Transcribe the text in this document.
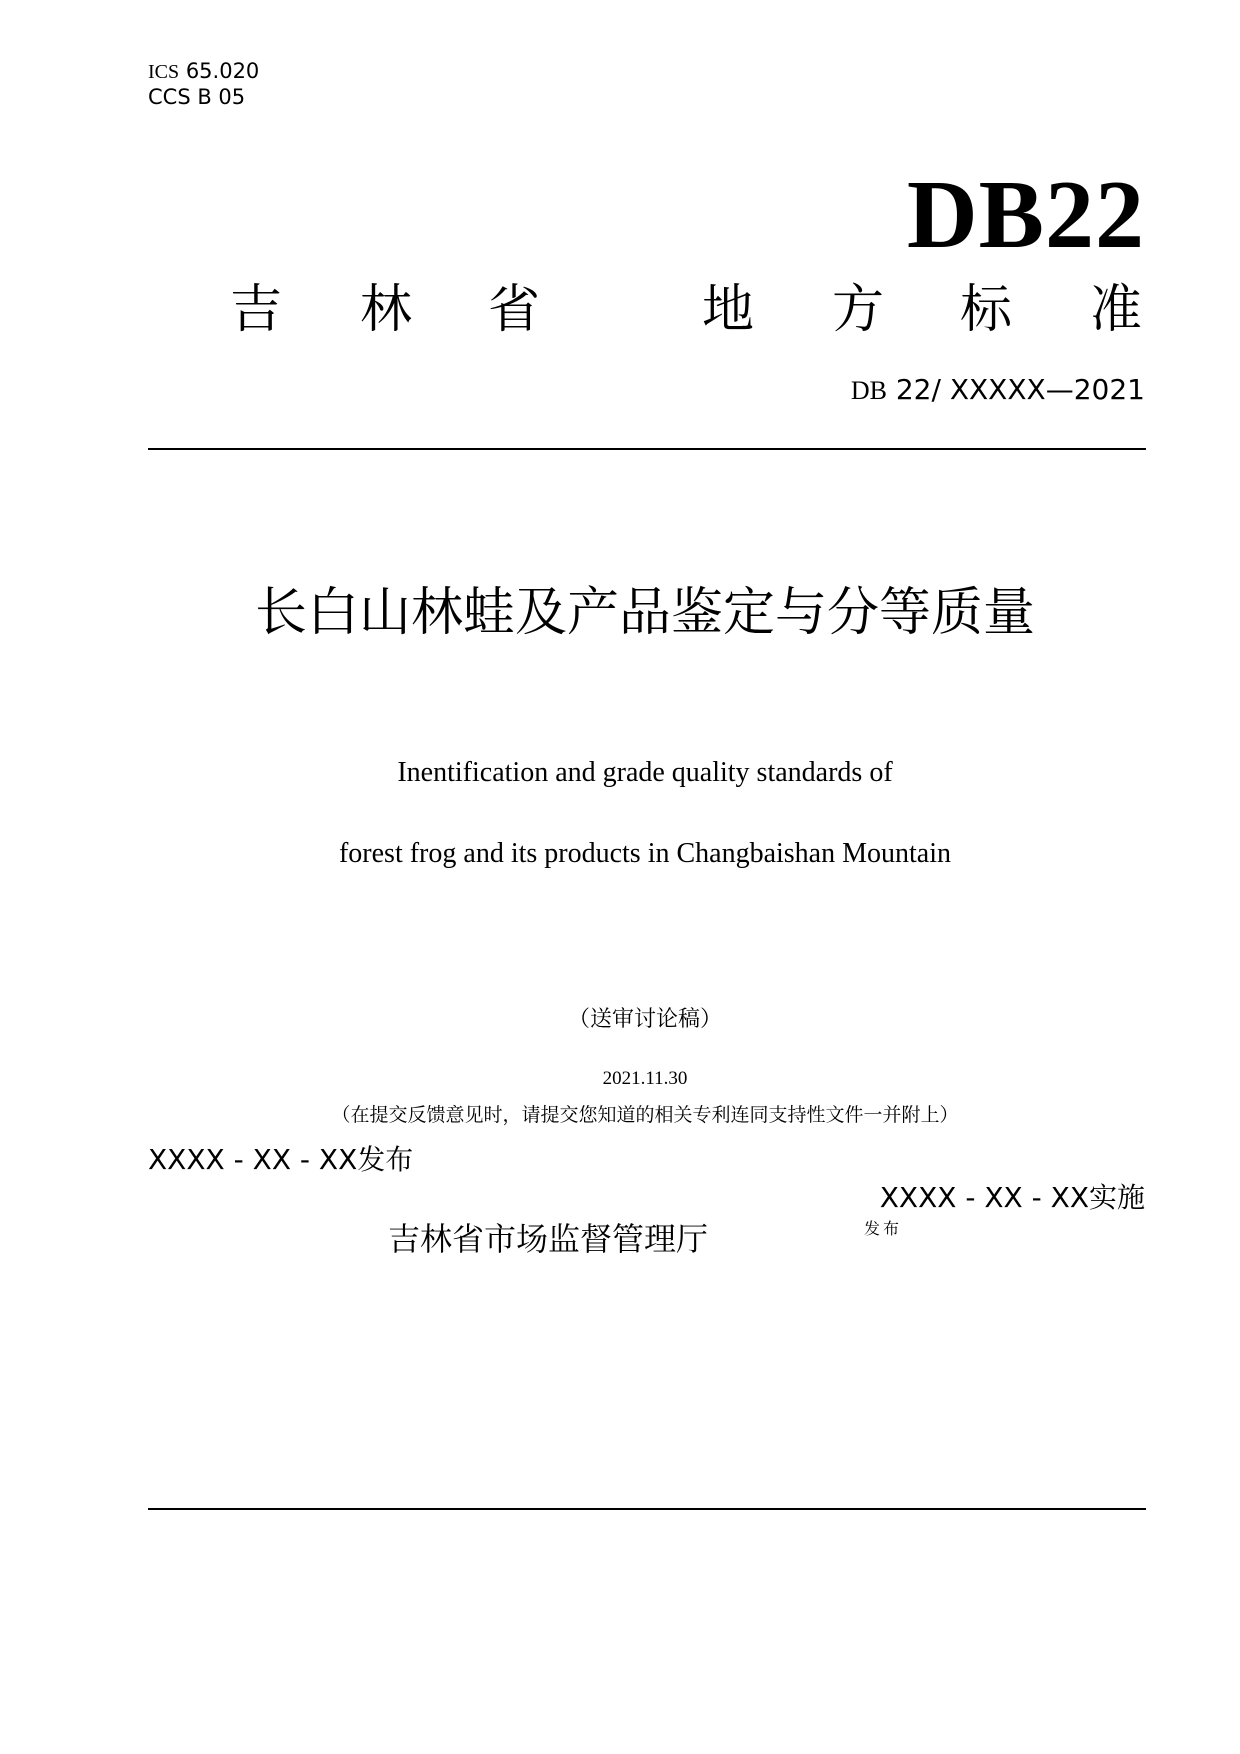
ICS 65.020
CCS B 05
DB22
吉 林 省	地 方 标 准
DB 22/ XXXXX—2021
长白山林蛙及产品鉴定与分等质量
Inentification and grade quality standards of
forest frog and its products in Changbaishan Mountain
（送审讨论稿）
2021.11.30
（在提交反馈意见时，请提交您知道的相关专利连同支持性文件一并附上）
XXXX - XX - XX发布
XXXX - XX - XX实施
吉林省市场监督管理厅	发布
